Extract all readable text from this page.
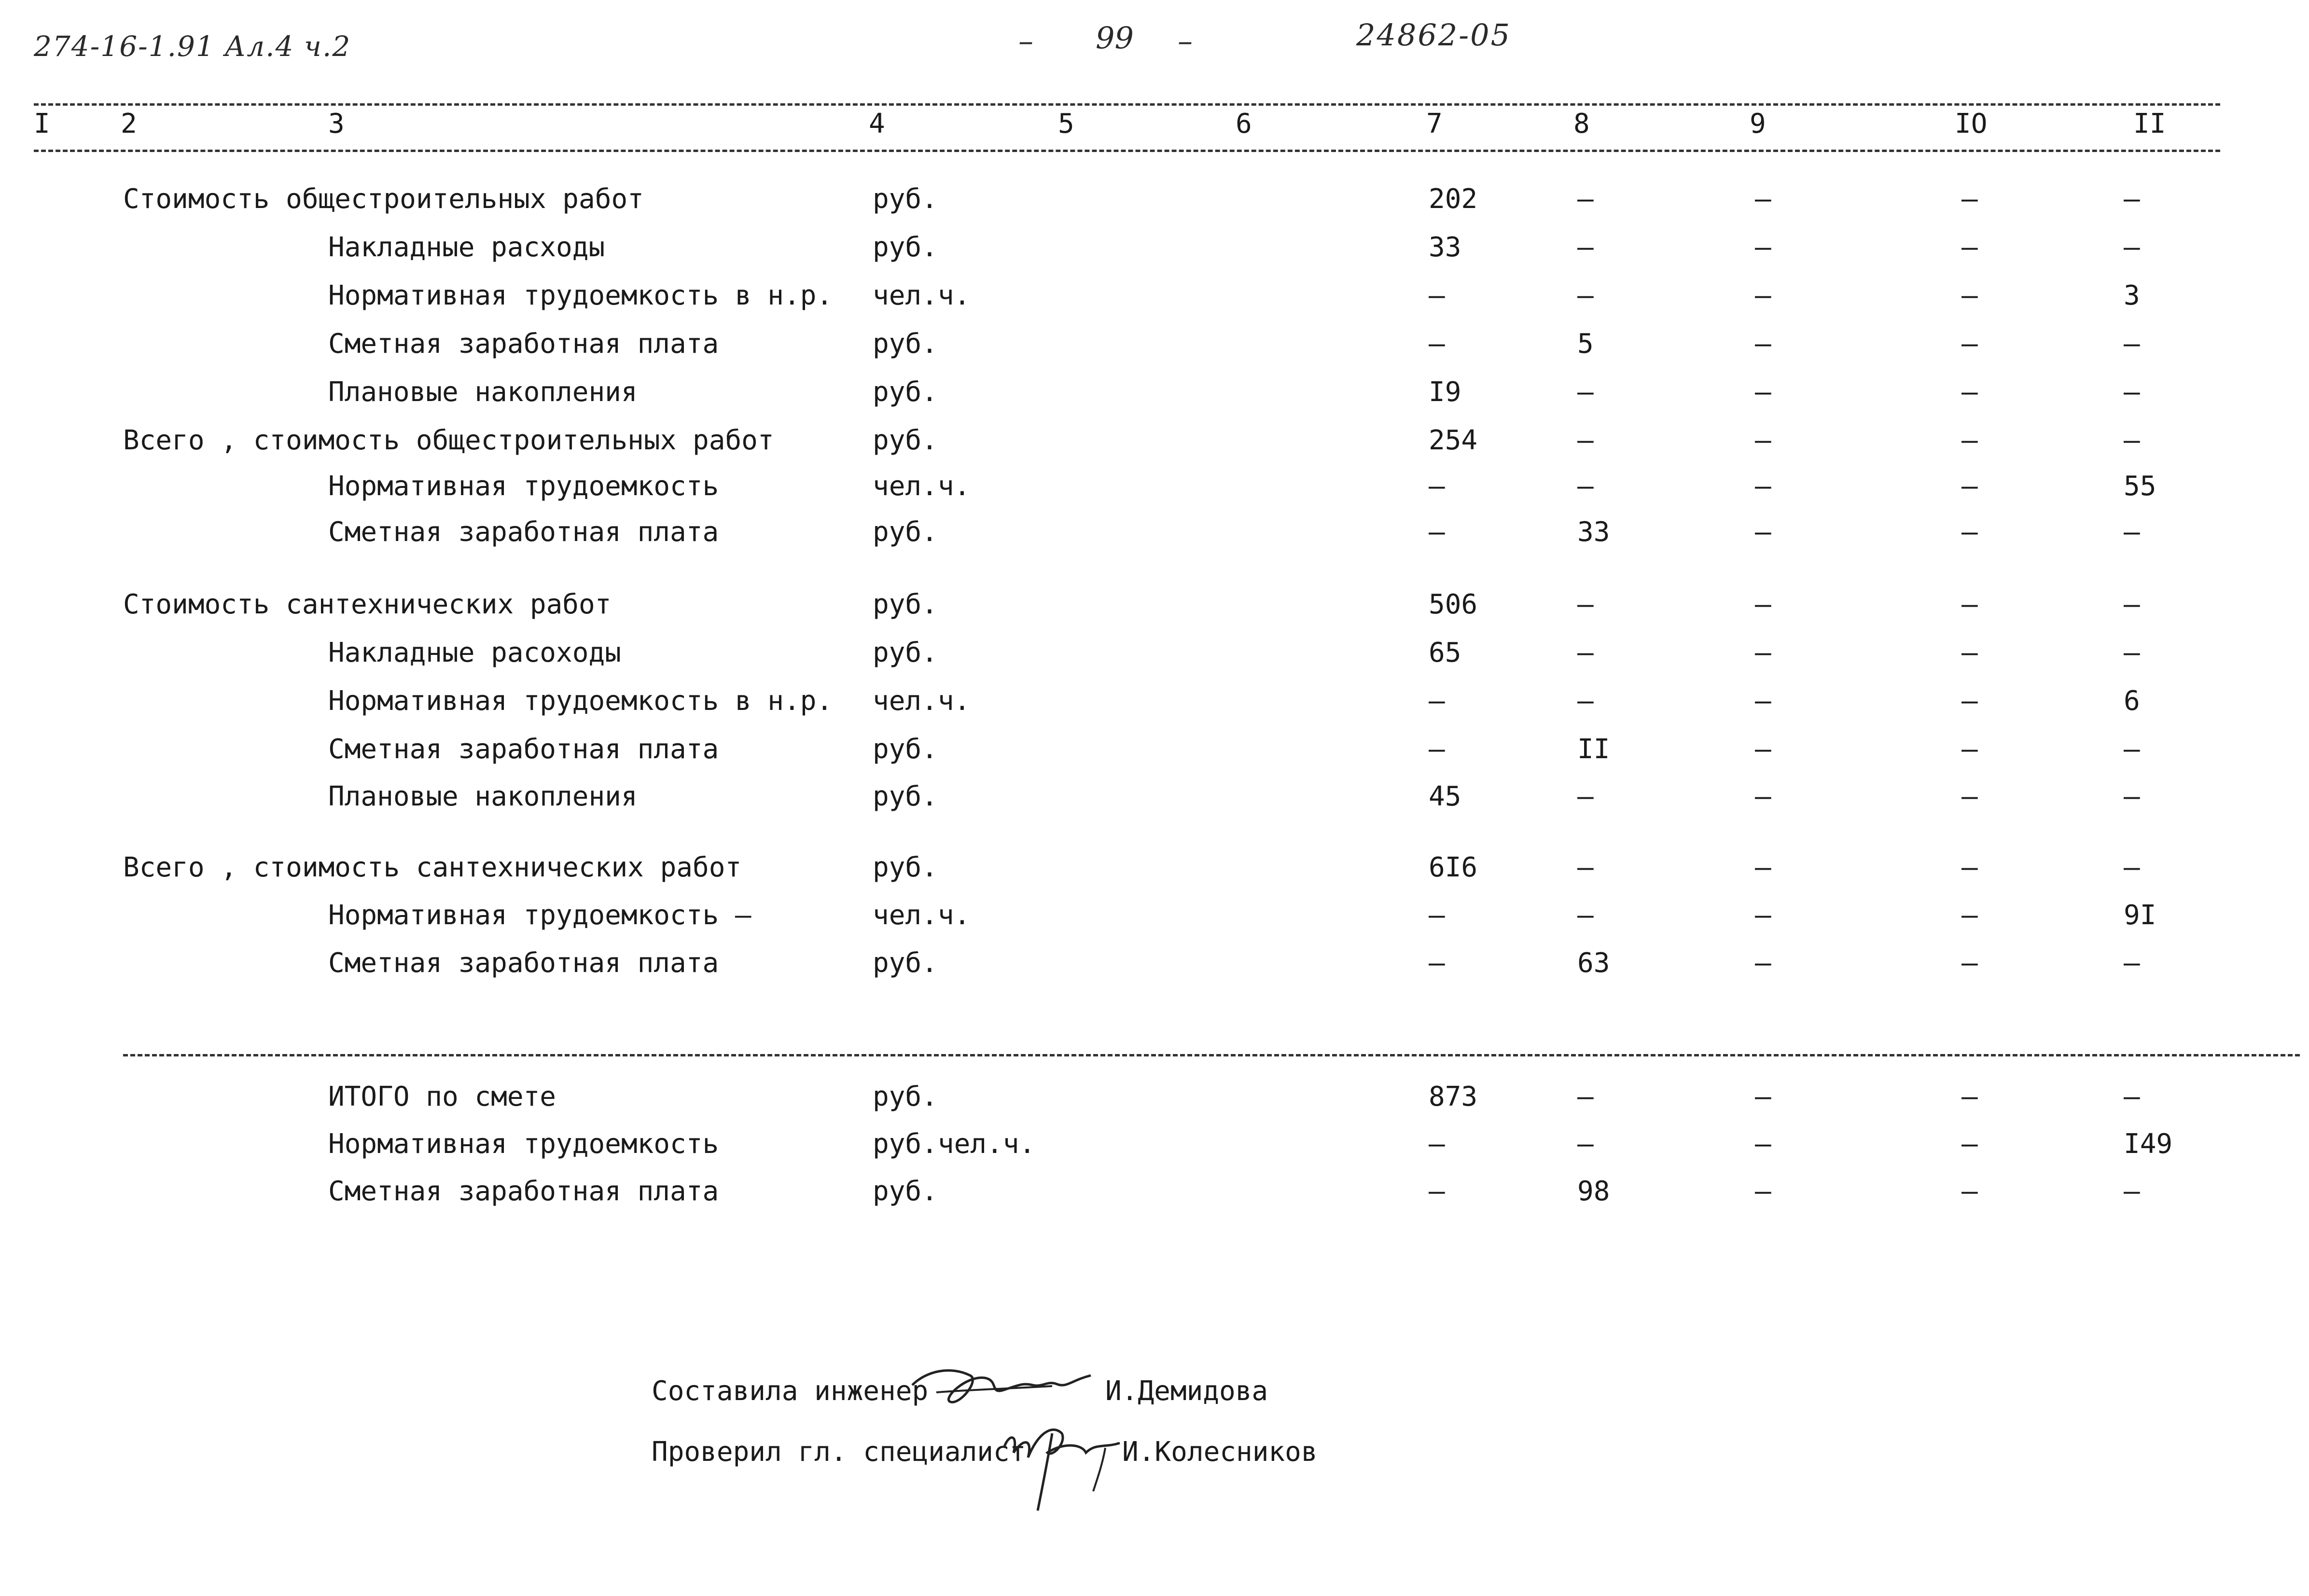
274-16-1.91 Ал.4 ч.2	– 99 –	24862-05
I	2	3	4	5	6	7	8	9	IO	II
Стоимость общестроительных работ	руб.	202	–	–	–	–
Накладные расходы	руб.	33	–	–	–	–
Нормативная трудоемкость в н.р. чел.ч.	–	–	–	–	3
Сметная заработная плата	руб.	–	5	–	–	–
Плановые накопления	руб.	I9	–	–	–	–
Всего , стоимость общестроительных работ	руб.	254	–	–	–	–
Нормативная трудоемкость	чел.ч.	–	–	–	–	55
Сметная заработная плата	руб.	–	33	–	–	–
Стоимость сантехнических работ	руб.	506	–	–	–	–
Накладные расоходы	руб.	65	–	–	–	–
Нормативная трудоемкость в н.р. чел.ч.	–	–	–	–	6
Сметная заработная плата	руб.	–	II	–	–	–
Плановые накопления	руб.	45	–	–	–	–
Всего , стоимость сантехнических работ	руб.	6I6	–	–	–	–
Нормативная трудоемкость –	чел.ч.	–	–	–	–	9I
Сметная заработная плата	руб.	–	63	–	–	–
ИТОГО по смете	руб.	873	–	–	–	–
Нормативная трудоемкость	руб.чел.ч.	–	–	–	–	I49
Сметная заработная плата	руб.	–	98	–	–	–
Составила инженер	И.Демидова
Проверил гл. специалист	И.Колесников
